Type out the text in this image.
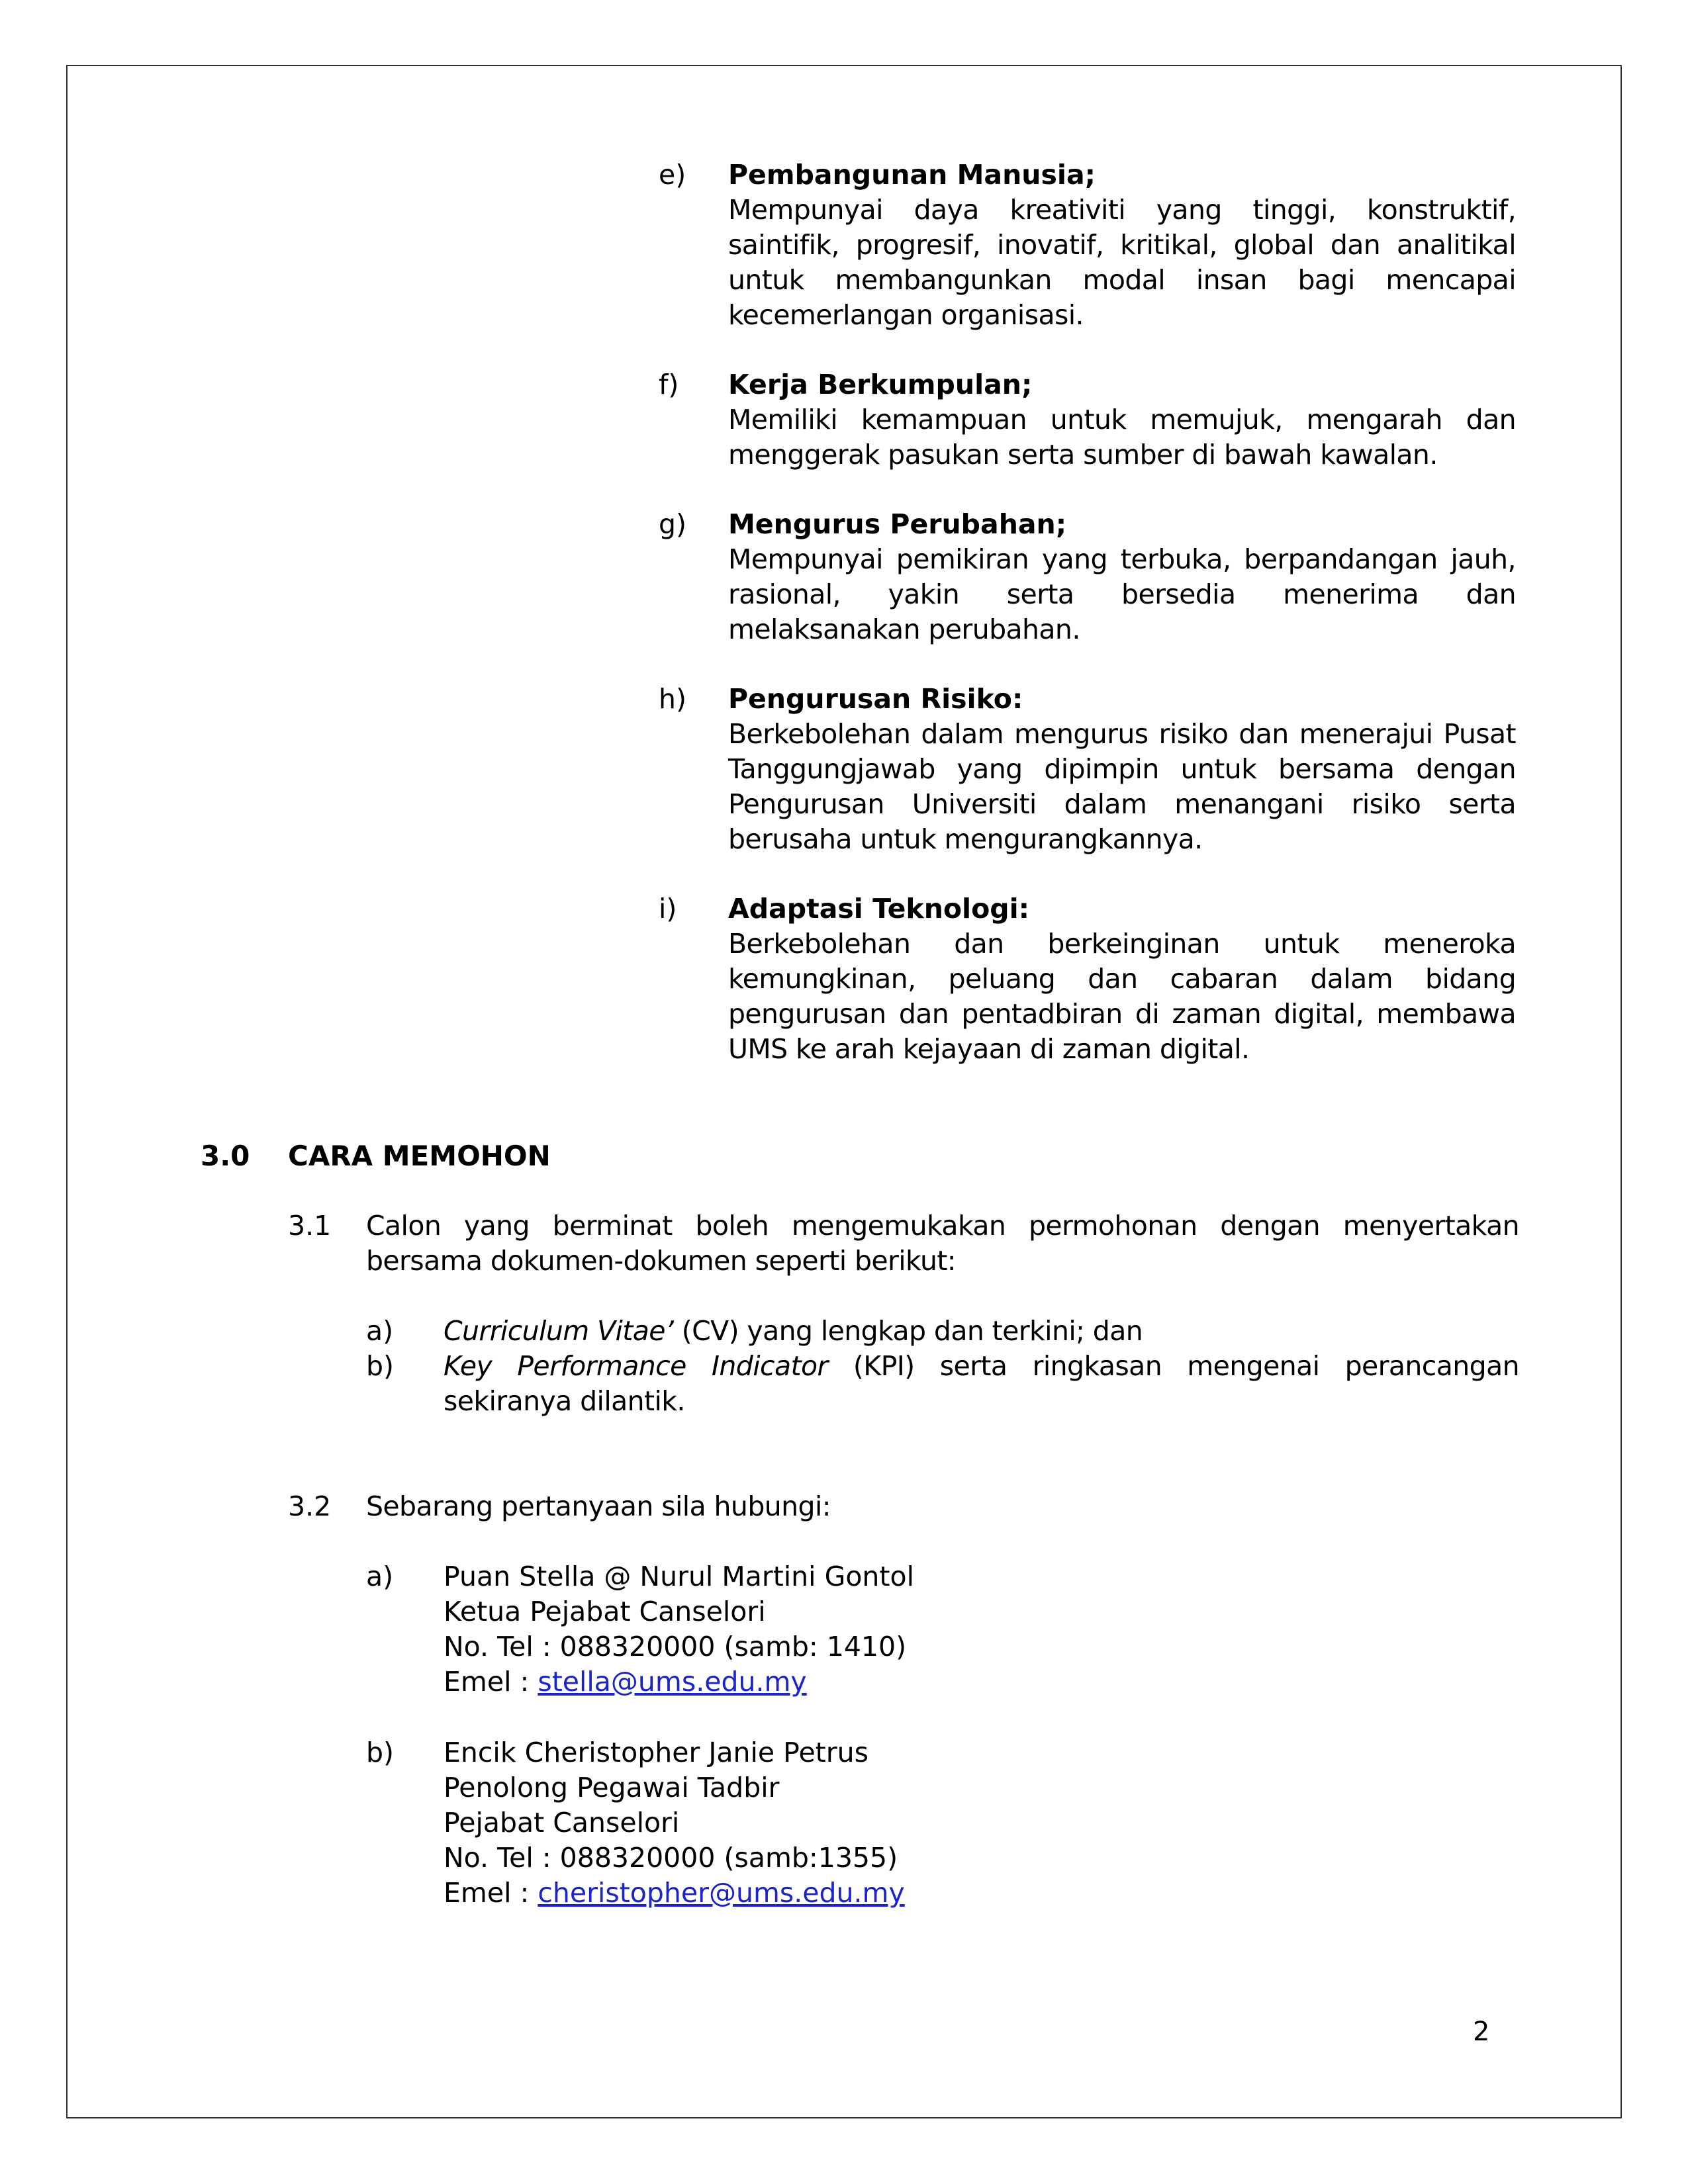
e) Pembangunan Manusia;
Mempunyai daya kreativiti yang tinggi, konstruktif, saintifik, progresif, inovatif, kritikal, global dan analitikal untuk membangunkan modal insan bagi mencapai kecemerlangan organisasi.
f) Kerja Berkumpulan;
Memiliki kemampuan untuk memujuk, mengarah dan menggerak pasukan serta sumber di bawah kawalan.
g) Mengurus Perubahan;
Mempunyai pemikiran yang terbuka, berpandangan jauh, rasional, yakin serta bersedia menerima dan melaksanakan perubahan.
h) Pengurusan Risiko:
Berkebolehan dalam mengurus risiko dan menerajui Pusat Tanggungjawab yang dipimpin untuk bersama dengan Pengurusan Universiti dalam menangani risiko serta berusaha untuk mengurangkannya.
i) Adaptasi Teknologi:
Berkebolehan dan berkeinginan untuk meneroka
kemungkinan, peluang dan cabaran dalam bidang pengurusan dan pentadbiran di zaman digital, membawa UMS ke arah kejayaan di zaman digital.
3.0 CARA MEMOHON
3.1 Calon yang berminat boleh mengemukakan permohonan dengan menyertakan bersama dokumen-dokumen seperti berikut:
a) Curriculum Vitae’ (CV) yang lengkap dan terkini; dan
b) Key Performance Indicator (KPI) serta ringkasan mengenai perancangan sekiranya dilantik.
3.2 Sebarang pertanyaan sila hubungi:
a) Puan Stella @ Nurul Martini Gontol
Ketua Pejabat Canselori
No. Tel : 088320000 (samb: 1410)
Emel : stella@ums.edu.my
b) Encik Cheristopher Janie Petrus
Penolong Pegawai Tadbir
Pejabat Canselori
No. Tel : 088320000 (samb:1355)
Emel : cheristopher@ums.edu.my
2
